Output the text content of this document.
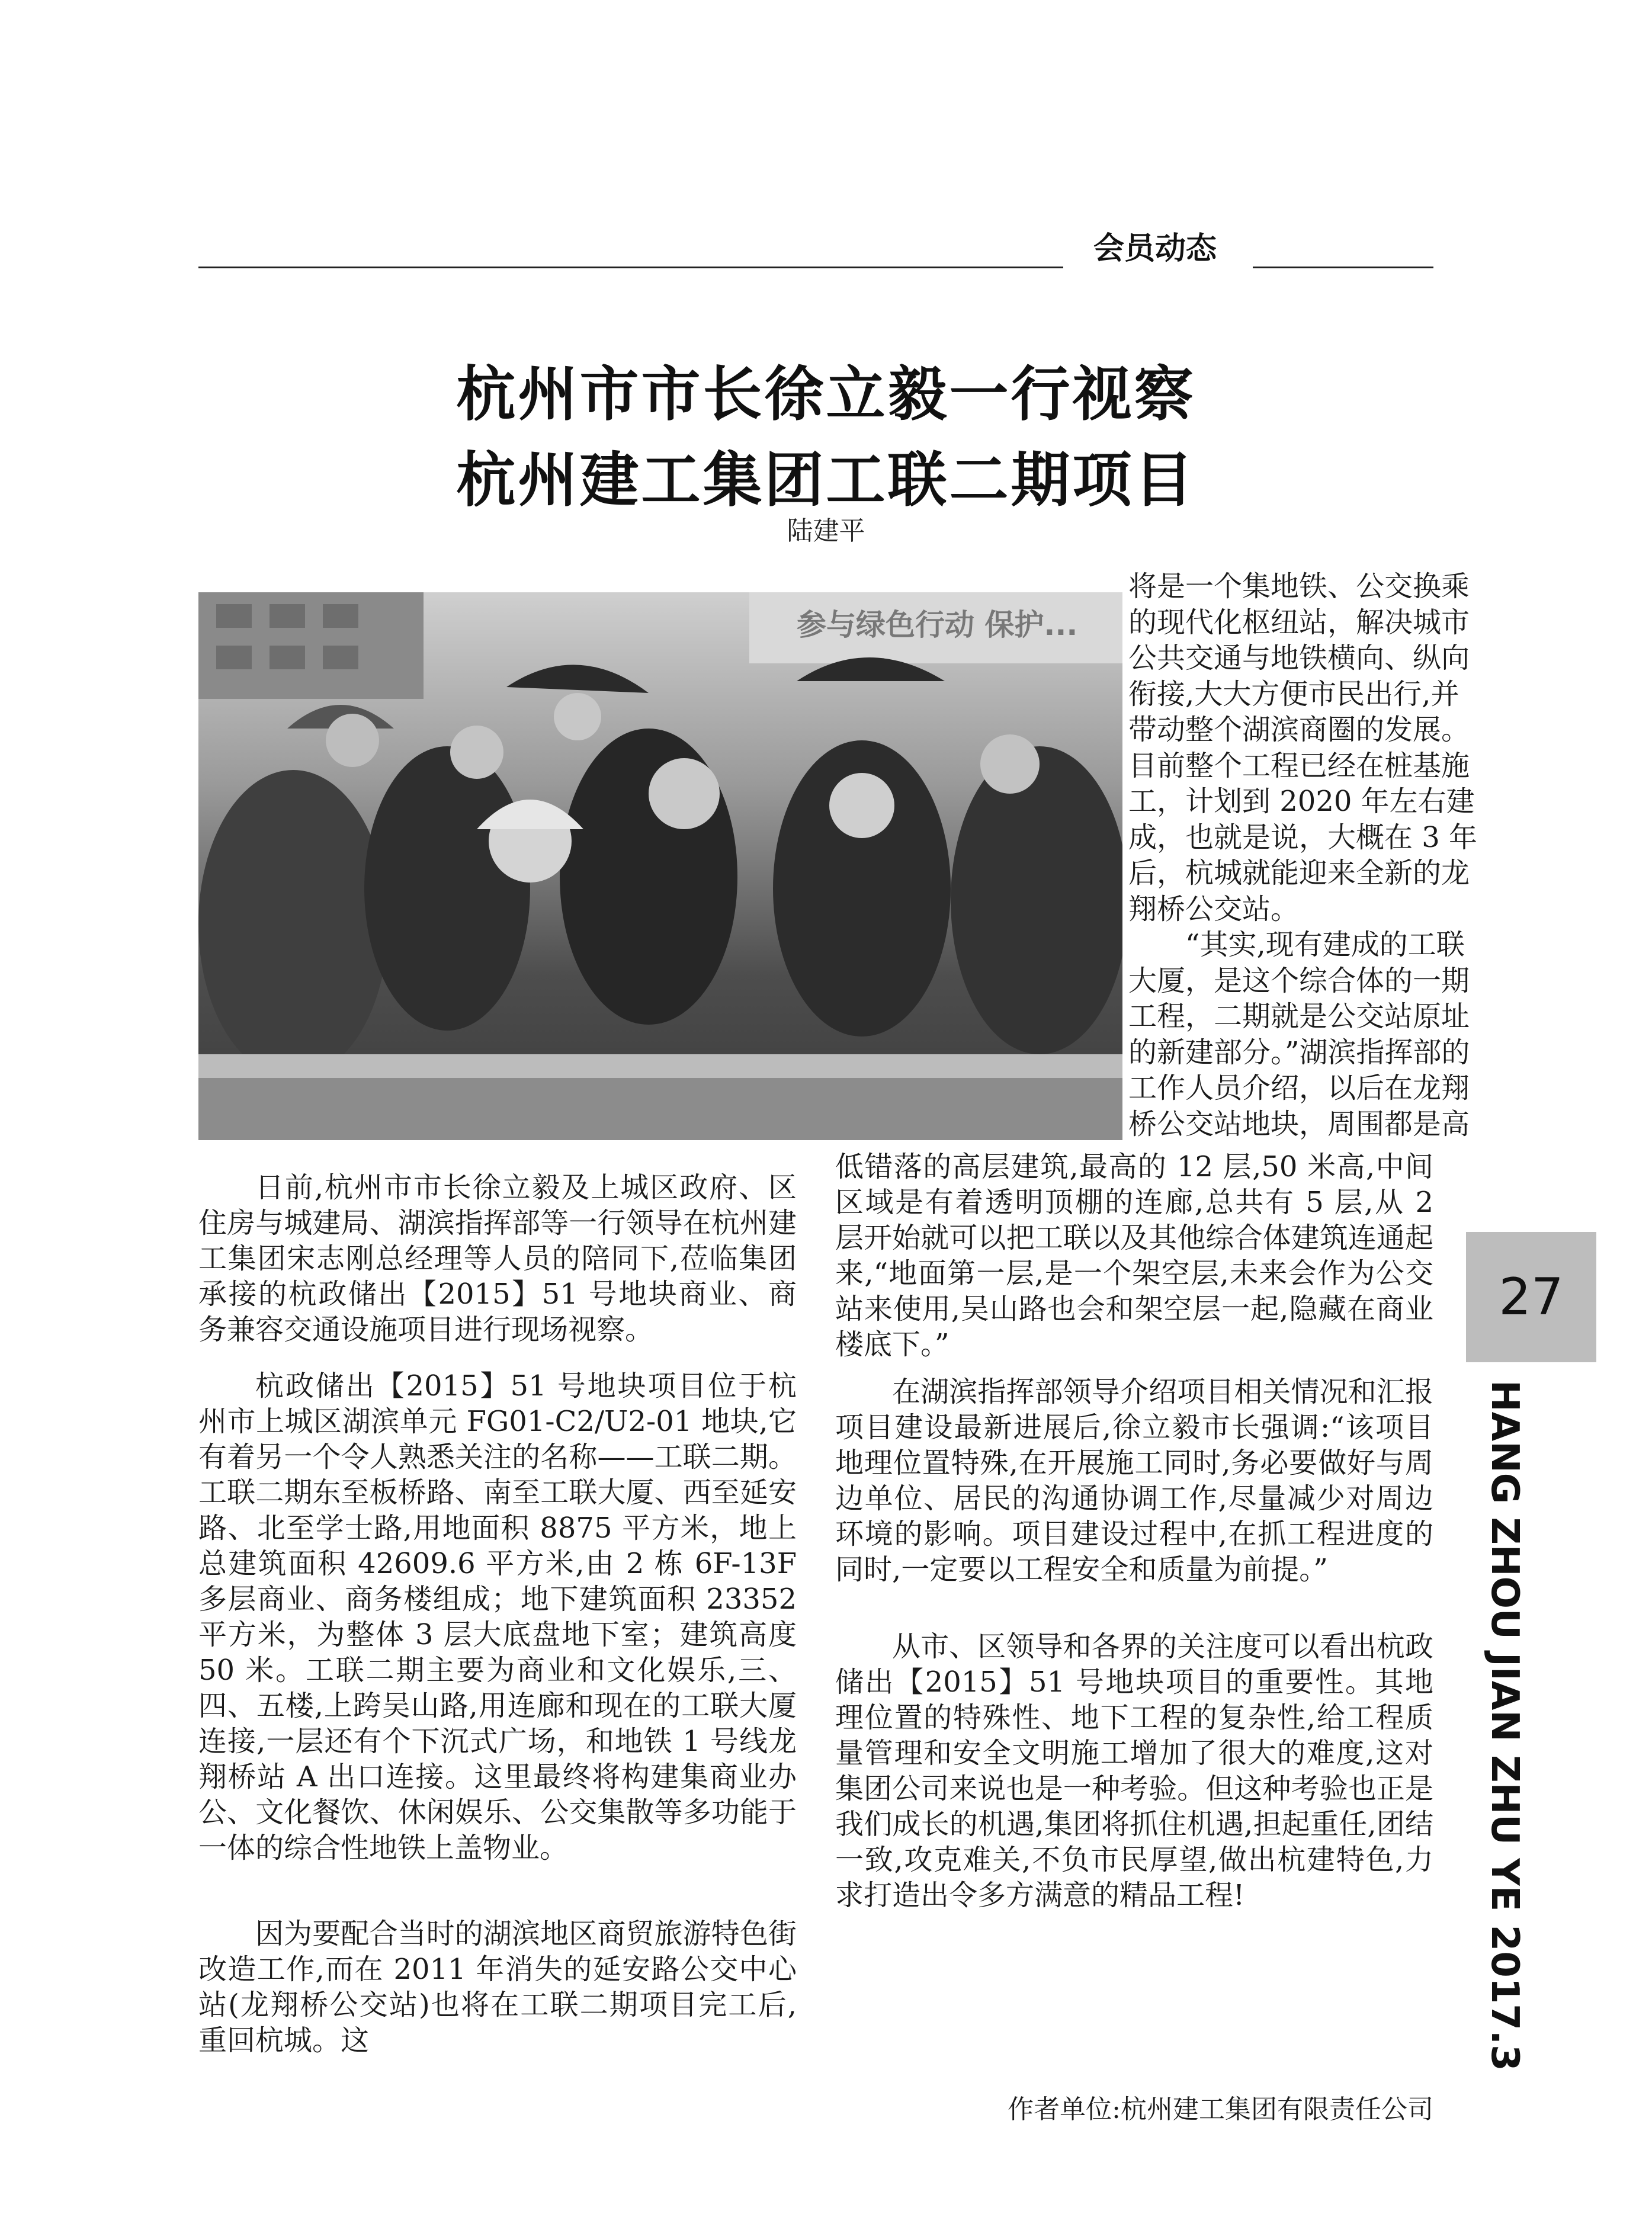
会员动态
杭州市市长徐立毅一行视察
杭州建工集团工联二期项目
陆建平
参与绿色行动 保护...
将是一个集地铁、公交换乘
的现代化枢纽站，解决城市
公共交通与地铁横向、纵向
衔接,大大方便市民出行,并
带动整个湖滨商圈的发展。
目前整个工程已经在桩基施
工，计划到 2020 年左右建
成，也就是说，大概在 3 年
后，杭城就能迎来全新的龙
翔桥公交站。
“其实,现有建成的工联
大厦，是这个综合体的一期
工程，二期就是公交站原址
的新建部分。”湖滨指挥部的
工作人员介绍，以后在龙翔
桥公交站地块，周围都是高

低错落的高层建筑,最高的 12 层,50 米高,中间区域是有着透明顶棚的连廊,总共有 5 层,从 2 层开始就可以把工联以及其他综合体建筑连通起来,“地面第一层,是一个架空层,未来会作为公交站来使用,吴山路也会和架空层一起,隐藏在商业楼底下。”

在湖滨指挥部领导介绍项目相关情况和汇报项目建设最新进展后,徐立毅市长强调:“该项目地理位置特殊,在开展施工同时,务必要做好与周边单位、居民的沟通协调工作,尽量减少对周边环境的影响。项目建设过程中,在抓工程进度的同时,一定要以工程安全和质量为前提。”

从市、区领导和各界的关注度可以看出杭政储出【2015】51 号地块项目的重要性。其地理位置的特殊性、地下工程的复杂性,给工程质量管理和安全文明施工增加了很大的难度,这对集团公司来说也是一种考验。但这种考验也正是我们成长的机遇,集团将抓住机遇,担起重任,团结一致,攻克难关,不负市民厚望,做出杭建特色,力求打造出令多方满意的精品工程!

日前,杭州市市长徐立毅及上城区政府、区住房与城建局、湖滨指挥部等一行领导在杭州建工集团宋志刚总经理等人员的陪同下,莅临集团承接的杭政储出【2015】51 号地块商业、商务兼容交通设施项目进行现场视察。

杭政储出【2015】51 号地块项目位于杭州市上城区湖滨单元 FG01-C2/U2-01 地块,它有着另一个令人熟悉关注的名称——工联二期。工联二期东至板桥路、南至工联大厦、西至延安路、北至学士路,用地面积 8875 平方米，地上总建筑面积 42609.6 平方米,由 2 栋 6F-13F 多层商业、商务楼组成；地下建筑面积 23352 平方米，为整体 3 层大底盘地下室；建筑高度 50 米。工联二期主要为商业和文化娱乐,三、四、五楼,上跨吴山路,用连廊和现在的工联大厦连接,一层还有个下沉式广场，和地铁 1 号线龙翔桥站 A 出口连接。这里最终将构建集商业办公、文化餐饮、休闲娱乐、公交集散等多功能于一体的综合性地铁上盖物业。

因为要配合当时的湖滨地区商贸旅游特色街改造工作,而在 2011 年消失的延安路公交中心站(龙翔桥公交站)也将在工联二期项目完工后,重回杭城。这

作者单位:杭州建工集团有限责任公司
27
HANG ZHOU JIAN ZHU YE 2017.3
